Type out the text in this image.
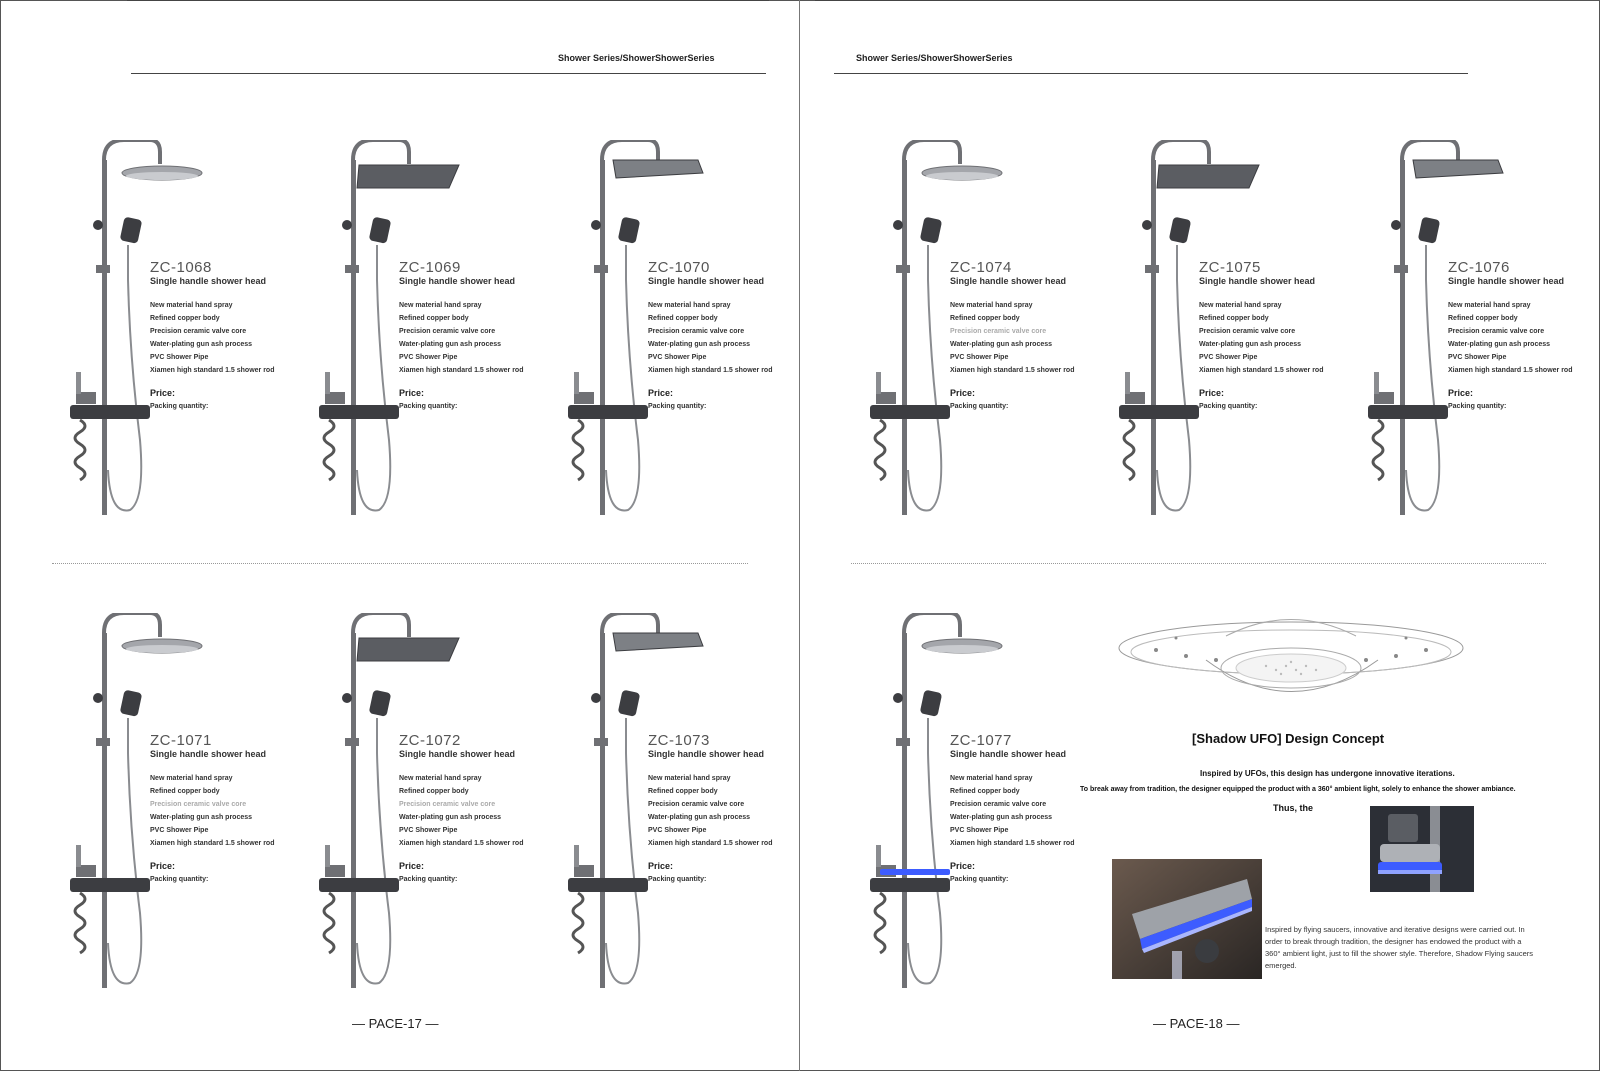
Shower Series/ShowerShowerSeries	Shower Series/ShowerShowerSeries
ZC-1068
Single handle shower head
New material hand spray
Refined copper body
Precision ceramic valve core
Water-plating gun ash process
PVC Shower Pipe
Xiamen high standard 1.5 shower rod
Price:
Packing quantity:
ZC-1069
Single handle shower head
New material hand spray
Refined copper body
Precision ceramic valve core
Water-plating gun ash process
PVC Shower Pipe
Xiamen high standard 1.5 shower rod
Price:
Packing quantity:
ZC-1070
Single handle shower head
New material hand spray
Refined copper body
Precision ceramic valve core
Water-plating gun ash process
PVC Shower Pipe
Xiamen high standard 1.5 shower rod
Price:
Packing quantity:
ZC-1071
Single handle shower head
New material hand spray
Refined copper body
Precision ceramic valve core
Water-plating gun ash process
PVC Shower Pipe
Xiamen high standard 1.5 shower rod
Price:
Packing quantity:
ZC-1072
Single handle shower head
New material hand spray
Refined copper body
Precision ceramic valve core
Water-plating gun ash process
PVC Shower Pipe
Xiamen high standard 1.5 shower rod
Price:
Packing quantity:
ZC-1073
Single handle shower head
New material hand spray
Refined copper body
Precision ceramic valve core
Water-plating gun ash process
PVC Shower Pipe
Xiamen high standard 1.5 shower rod
Price:
Packing quantity:
ZC-1074
Single handle shower head
New material hand spray
Refined copper body
Precision ceramic valve core
Water-plating gun ash process
PVC Shower Pipe
Xiamen high standard 1.5 shower rod
Price:
Packing quantity:
ZC-1075
Single handle shower head
New material hand spray
Refined copper body
Precision ceramic valve core
Water-plating gun ash process
PVC Shower Pipe
Xiamen high standard 1.5 shower rod
Price:
Packing quantity:
ZC-1076
Single handle shower head
New material hand spray
Refined copper body
Precision ceramic valve core
Water-plating gun ash process
PVC Shower Pipe
Xiamen high standard 1.5 shower rod
Price:
Packing quantity:
ZC-1077
Single handle shower head
New material hand spray
Refined copper body
Precision ceramic valve core
Water-plating gun ash process
PVC Shower Pipe
Xiamen high standard 1.5 shower rod
Price:
Packing quantity:
— PACE-17 —	— PACE-18 —
[Shadow UFO] Design Concept
Inspired by UFOs, this design has undergone innovative iterations.
To break away from tradition, the designer equipped the product with a 360° ambient light, solely to enhance the shower ambiance.
Thus, the
Inspired by flying saucers, innovative and iterative designs were carried out. In order to break through tradition, the designer has endowed the product with a 360° ambient light, just to fill the shower style. Therefore, Shadow Flying saucers emerged.
